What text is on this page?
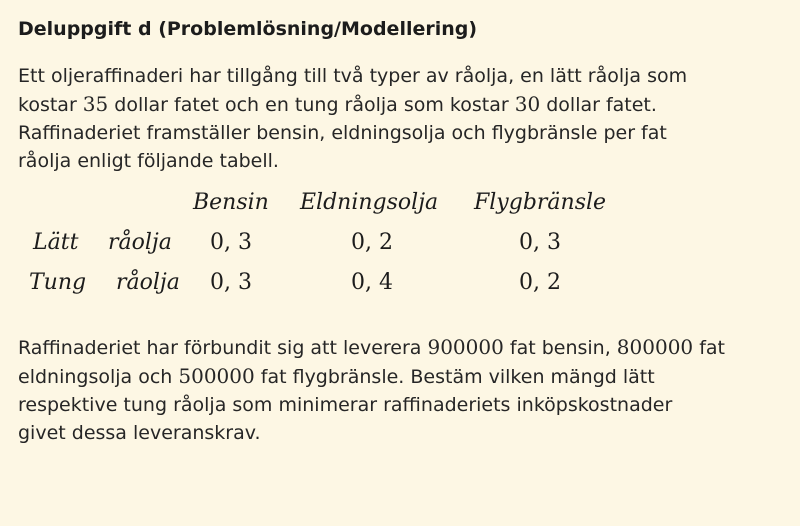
Deluppgift d (Problemlösning/Modellering)

Ett oljeraffinaderi har tillgång till två typer av råolja, en lätt råolja som

kostar 35 dollar fatet och en tung råolja som kostar 30 dollar fatet.

Raffinaderiet framställer bensin, eldningsolja och flygbränsle per fat

råolja enligt följande tabell.

Bensin Eldningsolja Flygbränsle
Lätt råolja 0, 3	0, 2	0, 3
Tung råolja 0, 3	0, 4	0, 2

Raffinaderiet har förbundit sig att leverera 900000 fat bensin, 800000 fat

eldningsolja och 500000 fat flygbränsle. Bestäm vilken mängd lätt

respektive tung råolja som minimerar raffinaderiets inköpskostnader

givet dessa leveranskrav.
